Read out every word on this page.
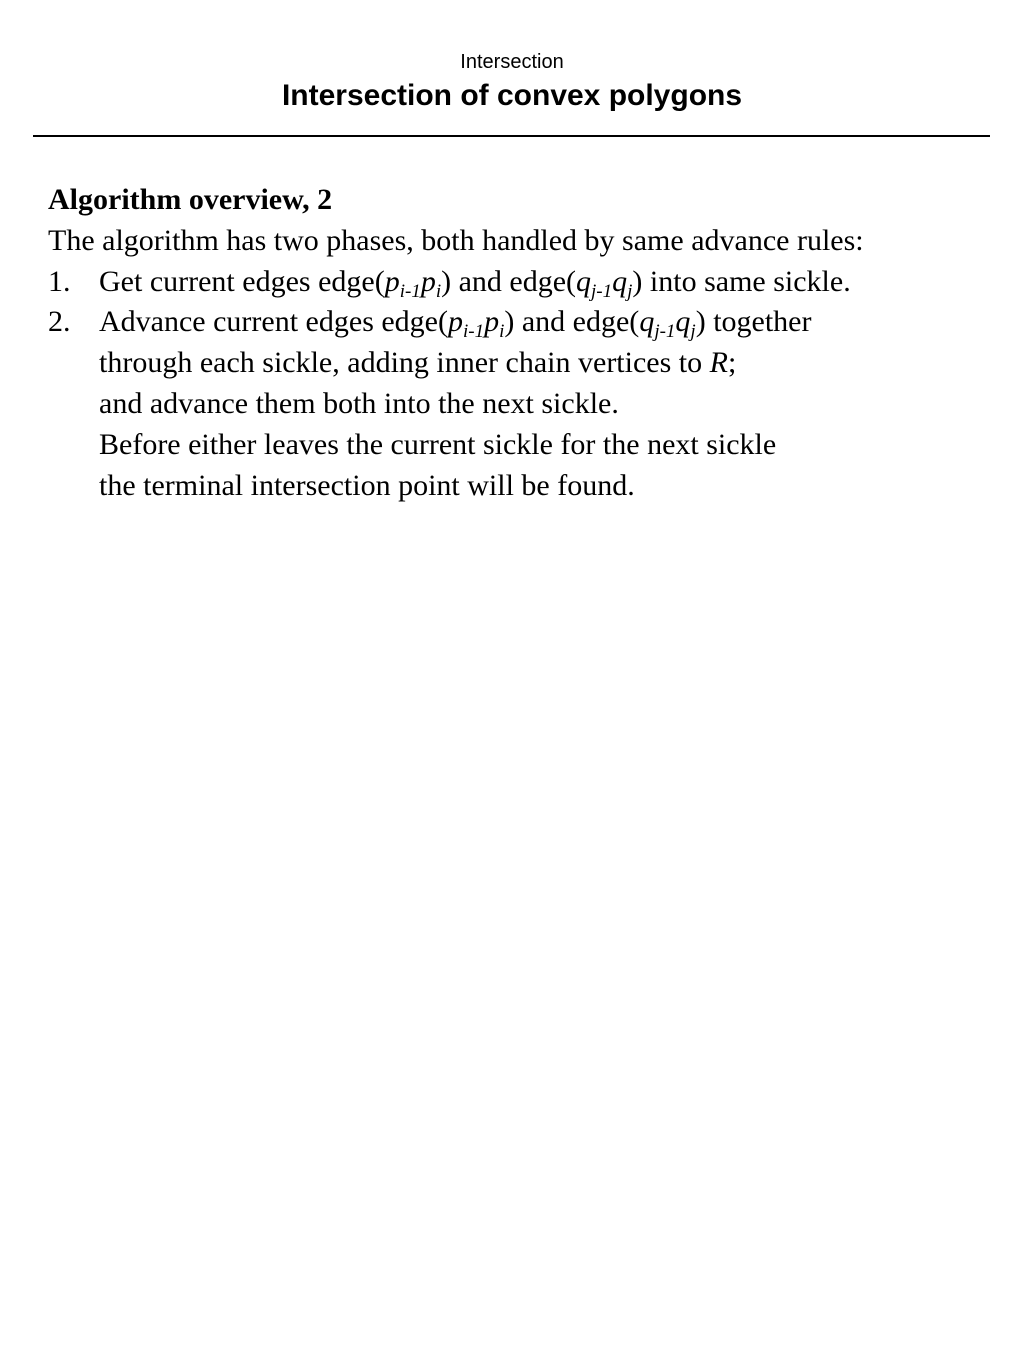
Intersection
Intersection of convex polygons

Algorithm overview, 2

The algorithm has two phases, both handled by same advance rules:

1. Get current edges $edge(p_{i-1}p_i)$ and $edge(q_{j-1}q_j)$ into same sickle.
2. Advance current edges $edge(p_{i-1}p_i)$ and $edge(q_{j-1}q_j)$ together
through each sickle, adding inner chain vertices to R;
and advance them both into the next sickle.
Before either leaves the current sickle for the next sickle
the terminal intersection point will be found.
